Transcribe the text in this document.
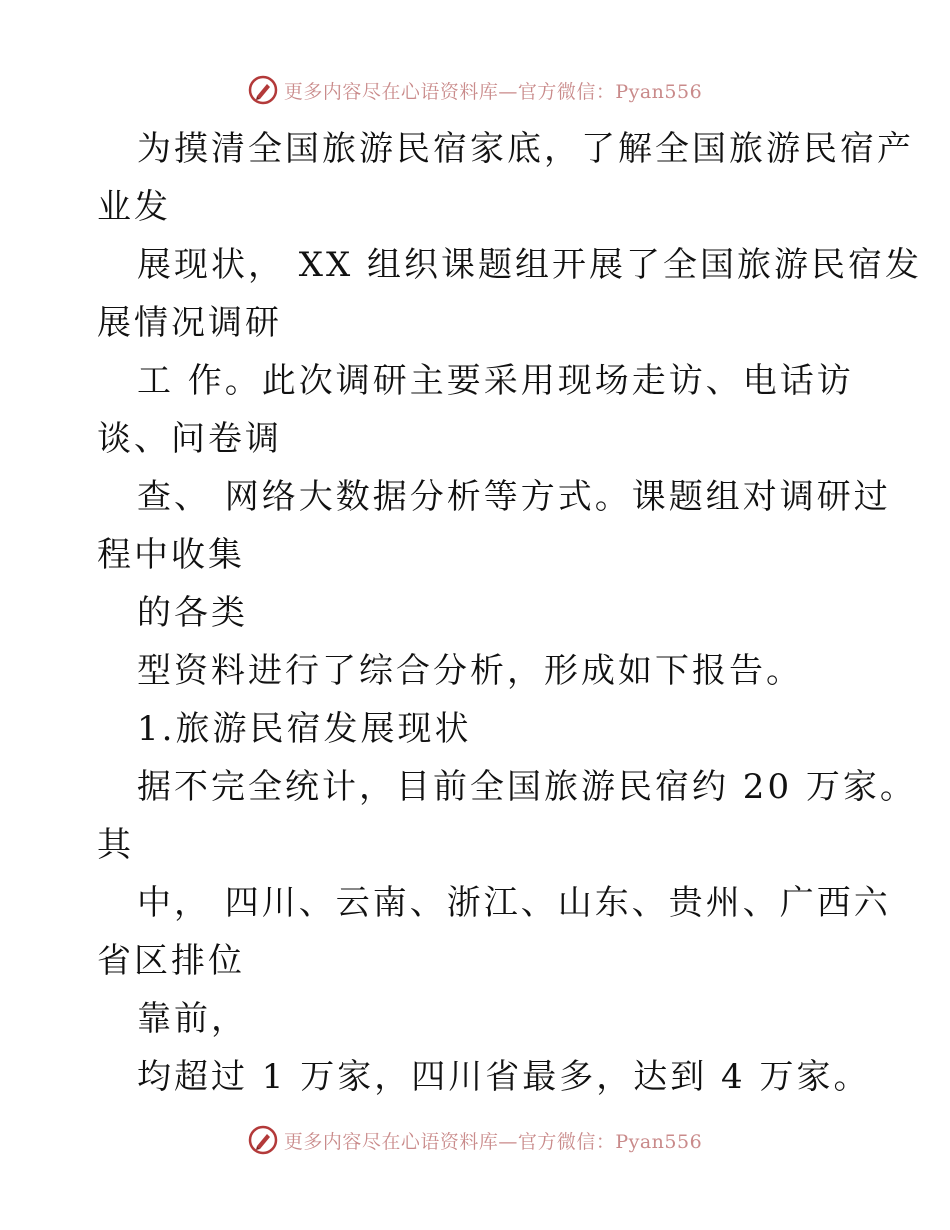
更多内容尽在心语资料库—官方微信：Pyan556
为摸清全国旅游民宿家底，了解全国旅游民宿产
业发
展现状， XX 组织课题组开展了全国旅游民宿发
展情况调研
工 作。此次调研主要采用现场走访、电话访
谈、问卷调
查、 网络大数据分析等方式。课题组对调研过
程中收集
的各类
型资料进行了综合分析，形成如下报告。
1.旅游民宿发展现状
据不完全统计，目前全国旅游民宿约 20 万家。
其
中， 四川、云南、浙江、山东、贵州、广西六
省区排位
靠前，
均超过 1 万家，四川省最多，达到 4 万家。
更多内容尽在心语资料库—官方微信：Pyan556
